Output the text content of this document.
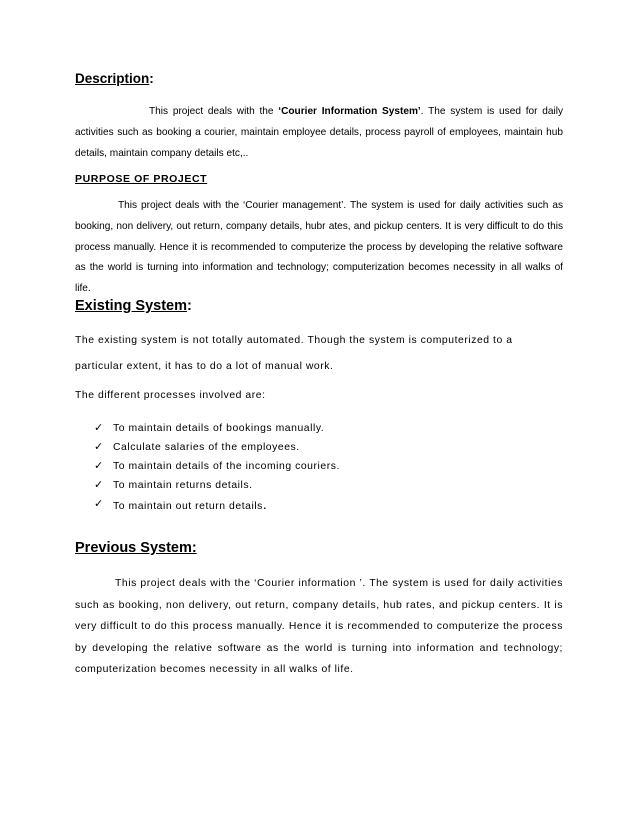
Description:

This project deals with the ‘Courier Information System’. The system is used for daily activities such as booking a courier, maintain employee details, process payroll of employees, maintain hub details, maintain company details etc,..

PURPOSE OF PROJECT

This project deals with the ‘Courier management’. The system is used for daily activities such as booking, non delivery, out return, company details, hubr ates, and pickup centers. It is very difficult to do this process manually. Hence it is recommended to computerize the process by developing the relative software as the world is turning into information and technology; computerization becomes necessity in all walks of life.

Existing System:

The existing system is not totally automated. Though the system is computerized to a

particular extent, it has to do a lot of manual work.

The different processes involved are:

✓ To maintain details of bookings manually.
✓ Calculate salaries of the employees.
✓ To maintain details of the incoming couriers.
✓ To maintain returns details.
✓ To maintain out return details.

Previous System:

This project deals with the ‘Courier information ’. The system is used for daily activities such as booking, non delivery, out return, company details, hub rates, and pickup centers. It is very difficult to do this process manually. Hence it is recommended to computerize the process by developing the relative software as the world is turning into information and technology; computerization becomes necessity in all walks of life.
